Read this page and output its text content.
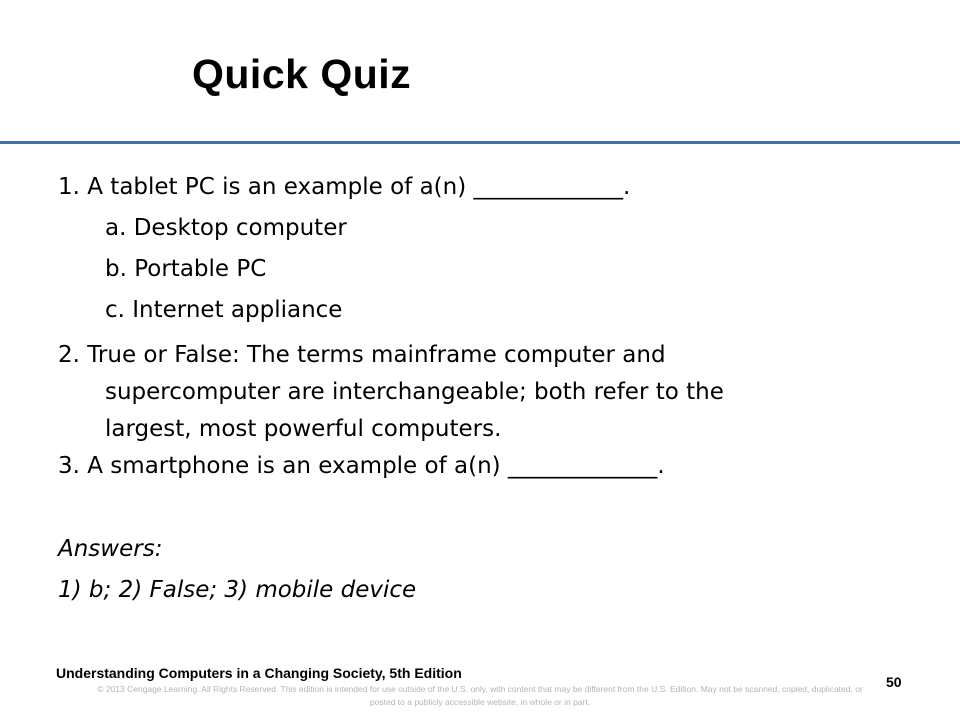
Quick Quiz
1. A tablet PC is an example of a(n) _____________.
a. Desktop computer
b. Portable PC
c. Internet appliance
2. True or False: The terms mainframe computer and
supercomputer are interchangeable; both refer to the largest, most powerful computers.
3. A smartphone is an example of a(n) _____________.
Answers:
1) b; 2) False; 3) mobile device
Understanding Computers in a Changing Society, 5th Edition
© 2013 Cengage Learning. All Rights Reserved. This edition is intended for use outside of the U.S. only, with content that may be different from the U.S. Edition. May not be scanned, copied, duplicated, or posted to a publicly accessible website, in whole or in part.
50
